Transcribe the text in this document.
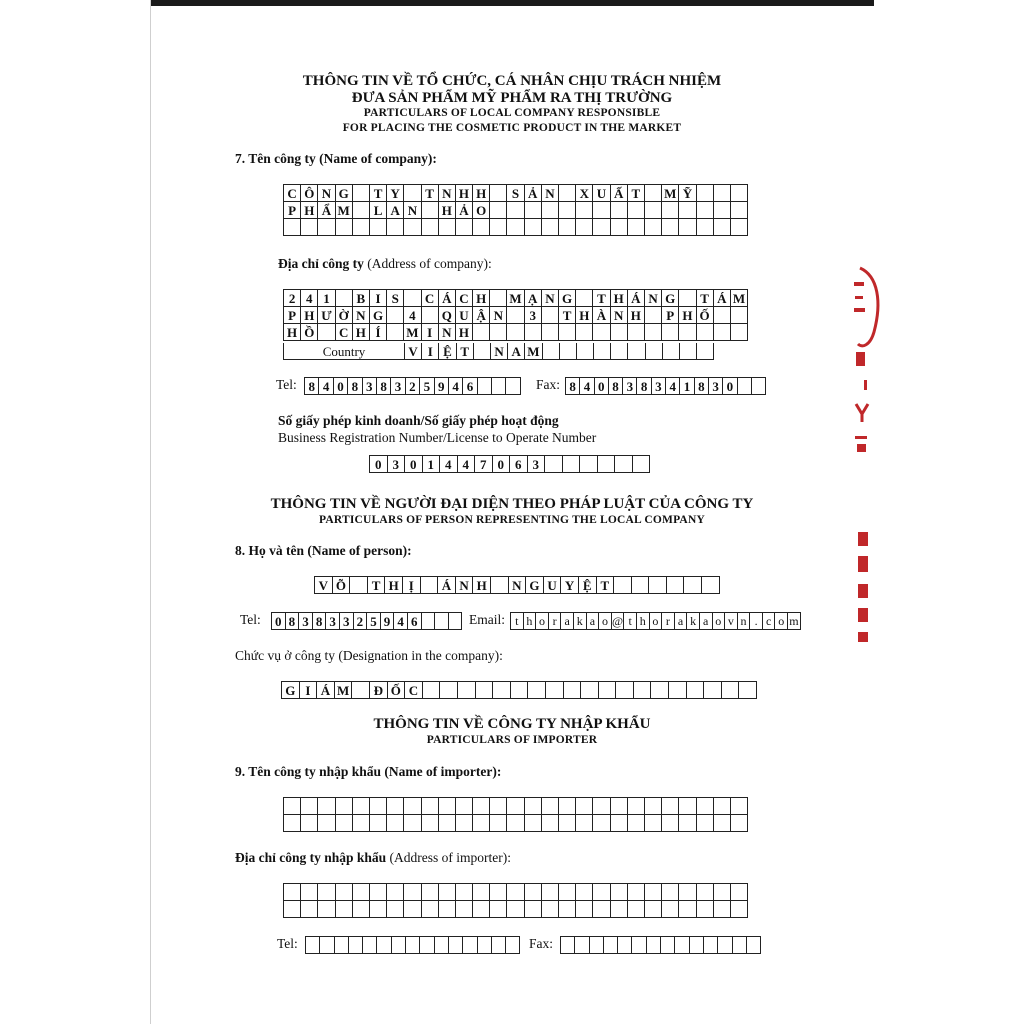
THÔNG TIN VỀ TỔ CHỨC, CÁ NHÂN CHỊU TRÁCH NHIỆM
ĐƯA SẢN PHẨM MỸ PHẨM RA THỊ TRƯỜNG
PARTICULARS OF LOCAL COMPANY RESPONSIBLE
FOR PLACING THE COSMETIC PRODUCT IN THE MARKET
7. Tên công ty (Name of company):
C Ô N G	T Y	T N H H	S Ả N	X U Ấ T	M Ỹ
P H Ẩ M L A N	H Ả O
Địa chỉ công ty (Address of company):
2 4 1	B I S	C Á C H	M Ạ N G	T H Á N G	T Á M
P H Ư Ờ N G	4	Q U Ậ N	3	T H À N H	P H Ố
H Ồ	C H Í	M I N H
Country	V I Ệ T	N A M
Tel: 8 4 0 8 3 8 3 2 5 9 4 6	Fax: 8 4 0 8 3 8 3 4 1 8 3 0
Số giấy phép kinh doanh/Số giấy phép hoạt động
Business Registration Number/License to Operate Number
0 3 0 1 4 4 7 0 6 3
THÔNG TIN VỀ NGƯỜI ĐẠI DIỆN THEO PHÁP LUẬT CỦA CÔNG TY
PARTICULARS OF PERSON REPRESENTING THE LOCAL COMPANY
8. Họ và tên (Name of person):
V Õ	T H Ị	Á N H	N G U Y Ệ T
Tel: 0 8 3 8 3 3 2 5 9 4 6	Email: t h o r a k a o @ t h o r a k a o v n . c o m
Chức vụ ở công ty (Designation in the company):
G I Á M Đ Ố C
THÔNG TIN VỀ CÔNG TY NHẬP KHẨU
PARTICULARS OF IMPORTER
9. Tên công ty nhập khẩu (Name of importer):
Địa chỉ công ty nhập khẩu (Address of importer):
Tel:	Fax:
